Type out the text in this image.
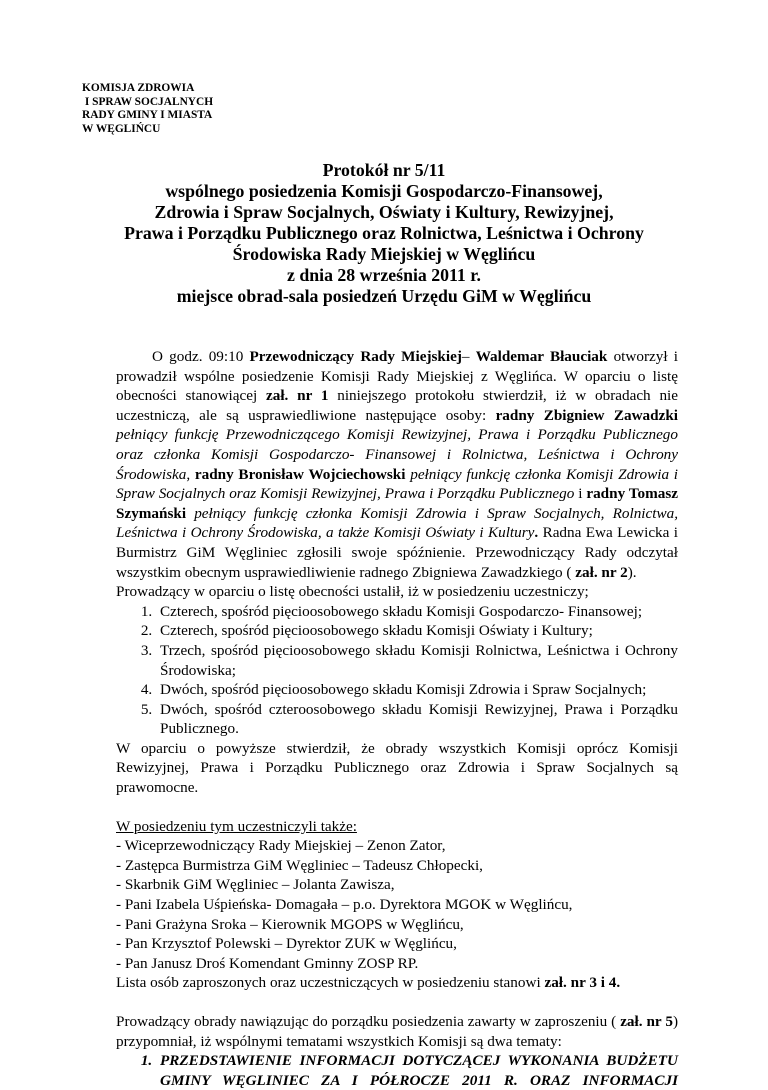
KOMISJA ZDROWIA
I SPRAW SOCJALNYCH
RADY GMINY I MIASTA
W WĘGLIŃCU
Protokół nr 5/11
wspólnego posiedzenia Komisji Gospodarczo-Finansowej,
Zdrowia i Spraw Socjalnych, Oświaty i Kultury, Rewizyjnej,
Prawa i Porządku Publicznego oraz Rolnictwa, Leśnictwa i Ochrony
Środowiska Rady Miejskiej w Węglińcu
z dnia 28 września 2011 r.
miejsce obrad-sala posiedzeń Urzędu GiM w Węglińcu

O godz. 09:10 Przewodniczący Rady Miejskiej– Waldemar Błauciak otworzył i prowadził wspólne posiedzenie Komisji Rady Miejskiej z Węglińca. W oparciu o listę obecności stanowiącej zał. nr 1 niniejszego protokołu stwierdził, iż w obradach nie uczestniczą, ale są usprawiedliwione następujące osoby: radny Zbigniew Zawadzki pełniący funkcję Przewodniczącego Komisji Rewizyjnej, Prawa i Porządku Publicznego oraz członka Komisji Gospodarczo- Finansowej i Rolnictwa, Leśnictwa i Ochrony Środowiska, radny Bronisław Wojciechowski pełniący funkcję członka Komisji Zdrowia i Spraw Socjalnych oraz Komisji Rewizyjnej, Prawa i Porządku Publicznego i radny Tomasz Szymański pełniący funkcję członka Komisji Zdrowia i Spraw Socjalnych, Rolnictwa, Leśnictwa i Ochrony Środowiska, a także Komisji Oświaty i Kultury. Radna Ewa Lewicka i Burmistrz GiM Węgliniec zgłosili swoje spóźnienie. Przewodniczący Rady odczytał wszystkim obecnym usprawiedliwienie radnego Zbigniewa Zawadzkiego ( zał. nr 2).

Prowadzący w oparciu o listę obecności ustalił, iż w posiedzeniu uczestniczy;

1. Czterech, spośród pięcioosobowego składu Komisji Gospodarczo- Finansowej;
2. Czterech, spośród pięcioosobowego składu Komisji Oświaty i Kultury;
3. Trzech, spośród pięcioosobowego składu Komisji Rolnictwa, Leśnictwa i Ochrony Środowiska;
4. Dwóch, spośród pięcioosobowego składu Komisji Zdrowia i Spraw Socjalnych;
5. Dwóch, spośród czteroosobowego składu Komisji Rewizyjnej, Prawa i Porządku Publicznego.

W oparciu o powyższe stwierdził, że obrady wszystkich Komisji oprócz Komisji Rewizyjnej, Prawa i Porządku Publicznego oraz Zdrowia i Spraw Socjalnych są prawomocne.

W posiedzeniu tym uczestniczyli także:

- Wiceprzewodniczący Rady Miejskiej – Zenon Zator,
- Zastępca Burmistrza GiM Węgliniec – Tadeusz Chłopecki,
- Skarbnik GiM Węgliniec – Jolanta Zawisza,
- Pani Izabela Uśpieńska- Domagała – p.o. Dyrektora MGOK w Węglińcu,
- Pani Grażyna Sroka – Kierownik MGOPS w Węglińcu,
- Pan Krzysztof Polewski – Dyrektor ZUK w Węglińcu,
- Pan Janusz Droś Komendant Gminny ZOSP RP.

Lista osób zaproszonych oraz uczestniczących w posiedzeniu stanowi zał. nr 3 i 4.

Prowadzący obrady nawiązując do porządku posiedzenia zawarty w zaproszeniu ( zał. nr 5) przypomniał, iż wspólnymi tematami wszystkich Komisji są dwa tematy:

1. PRZEDSTAWIENIE INFORMACJI DOTYCZĄCEJ WYKONANIA BUDŻETU
GMINY WĘGLINIEC ZA I PÓŁROCZE 2011 R. ORAZ INFORMACJI
